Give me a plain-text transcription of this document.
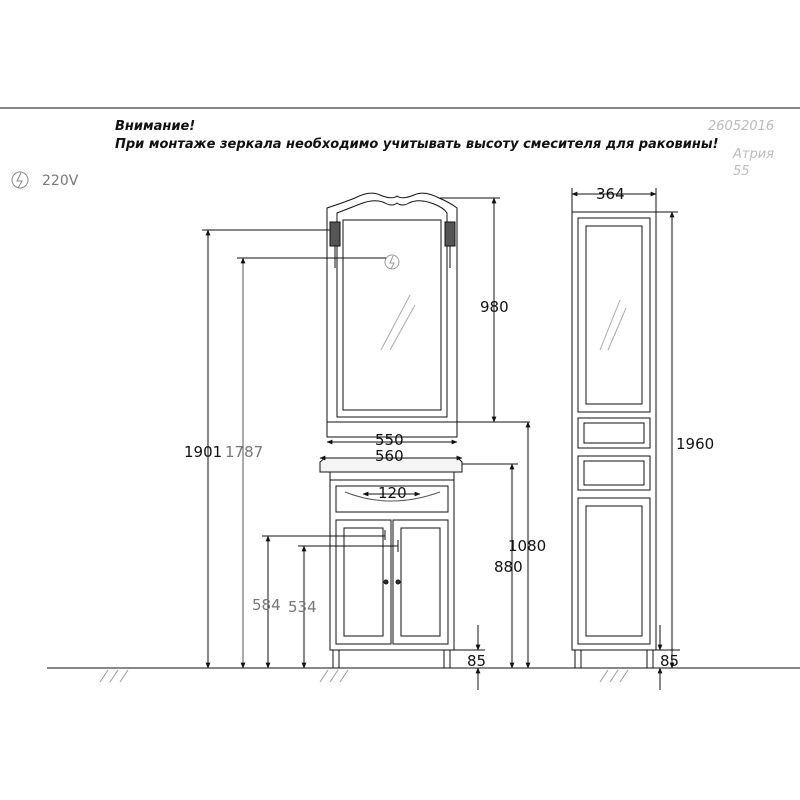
Внимание!
При монтаже зеркала необходимо учитывать высоту смесителя для раковины!
26052016
Атрия
55
220V
364
1960
85
980
550
560
120
1901 1787
1080
880
584 534
85
